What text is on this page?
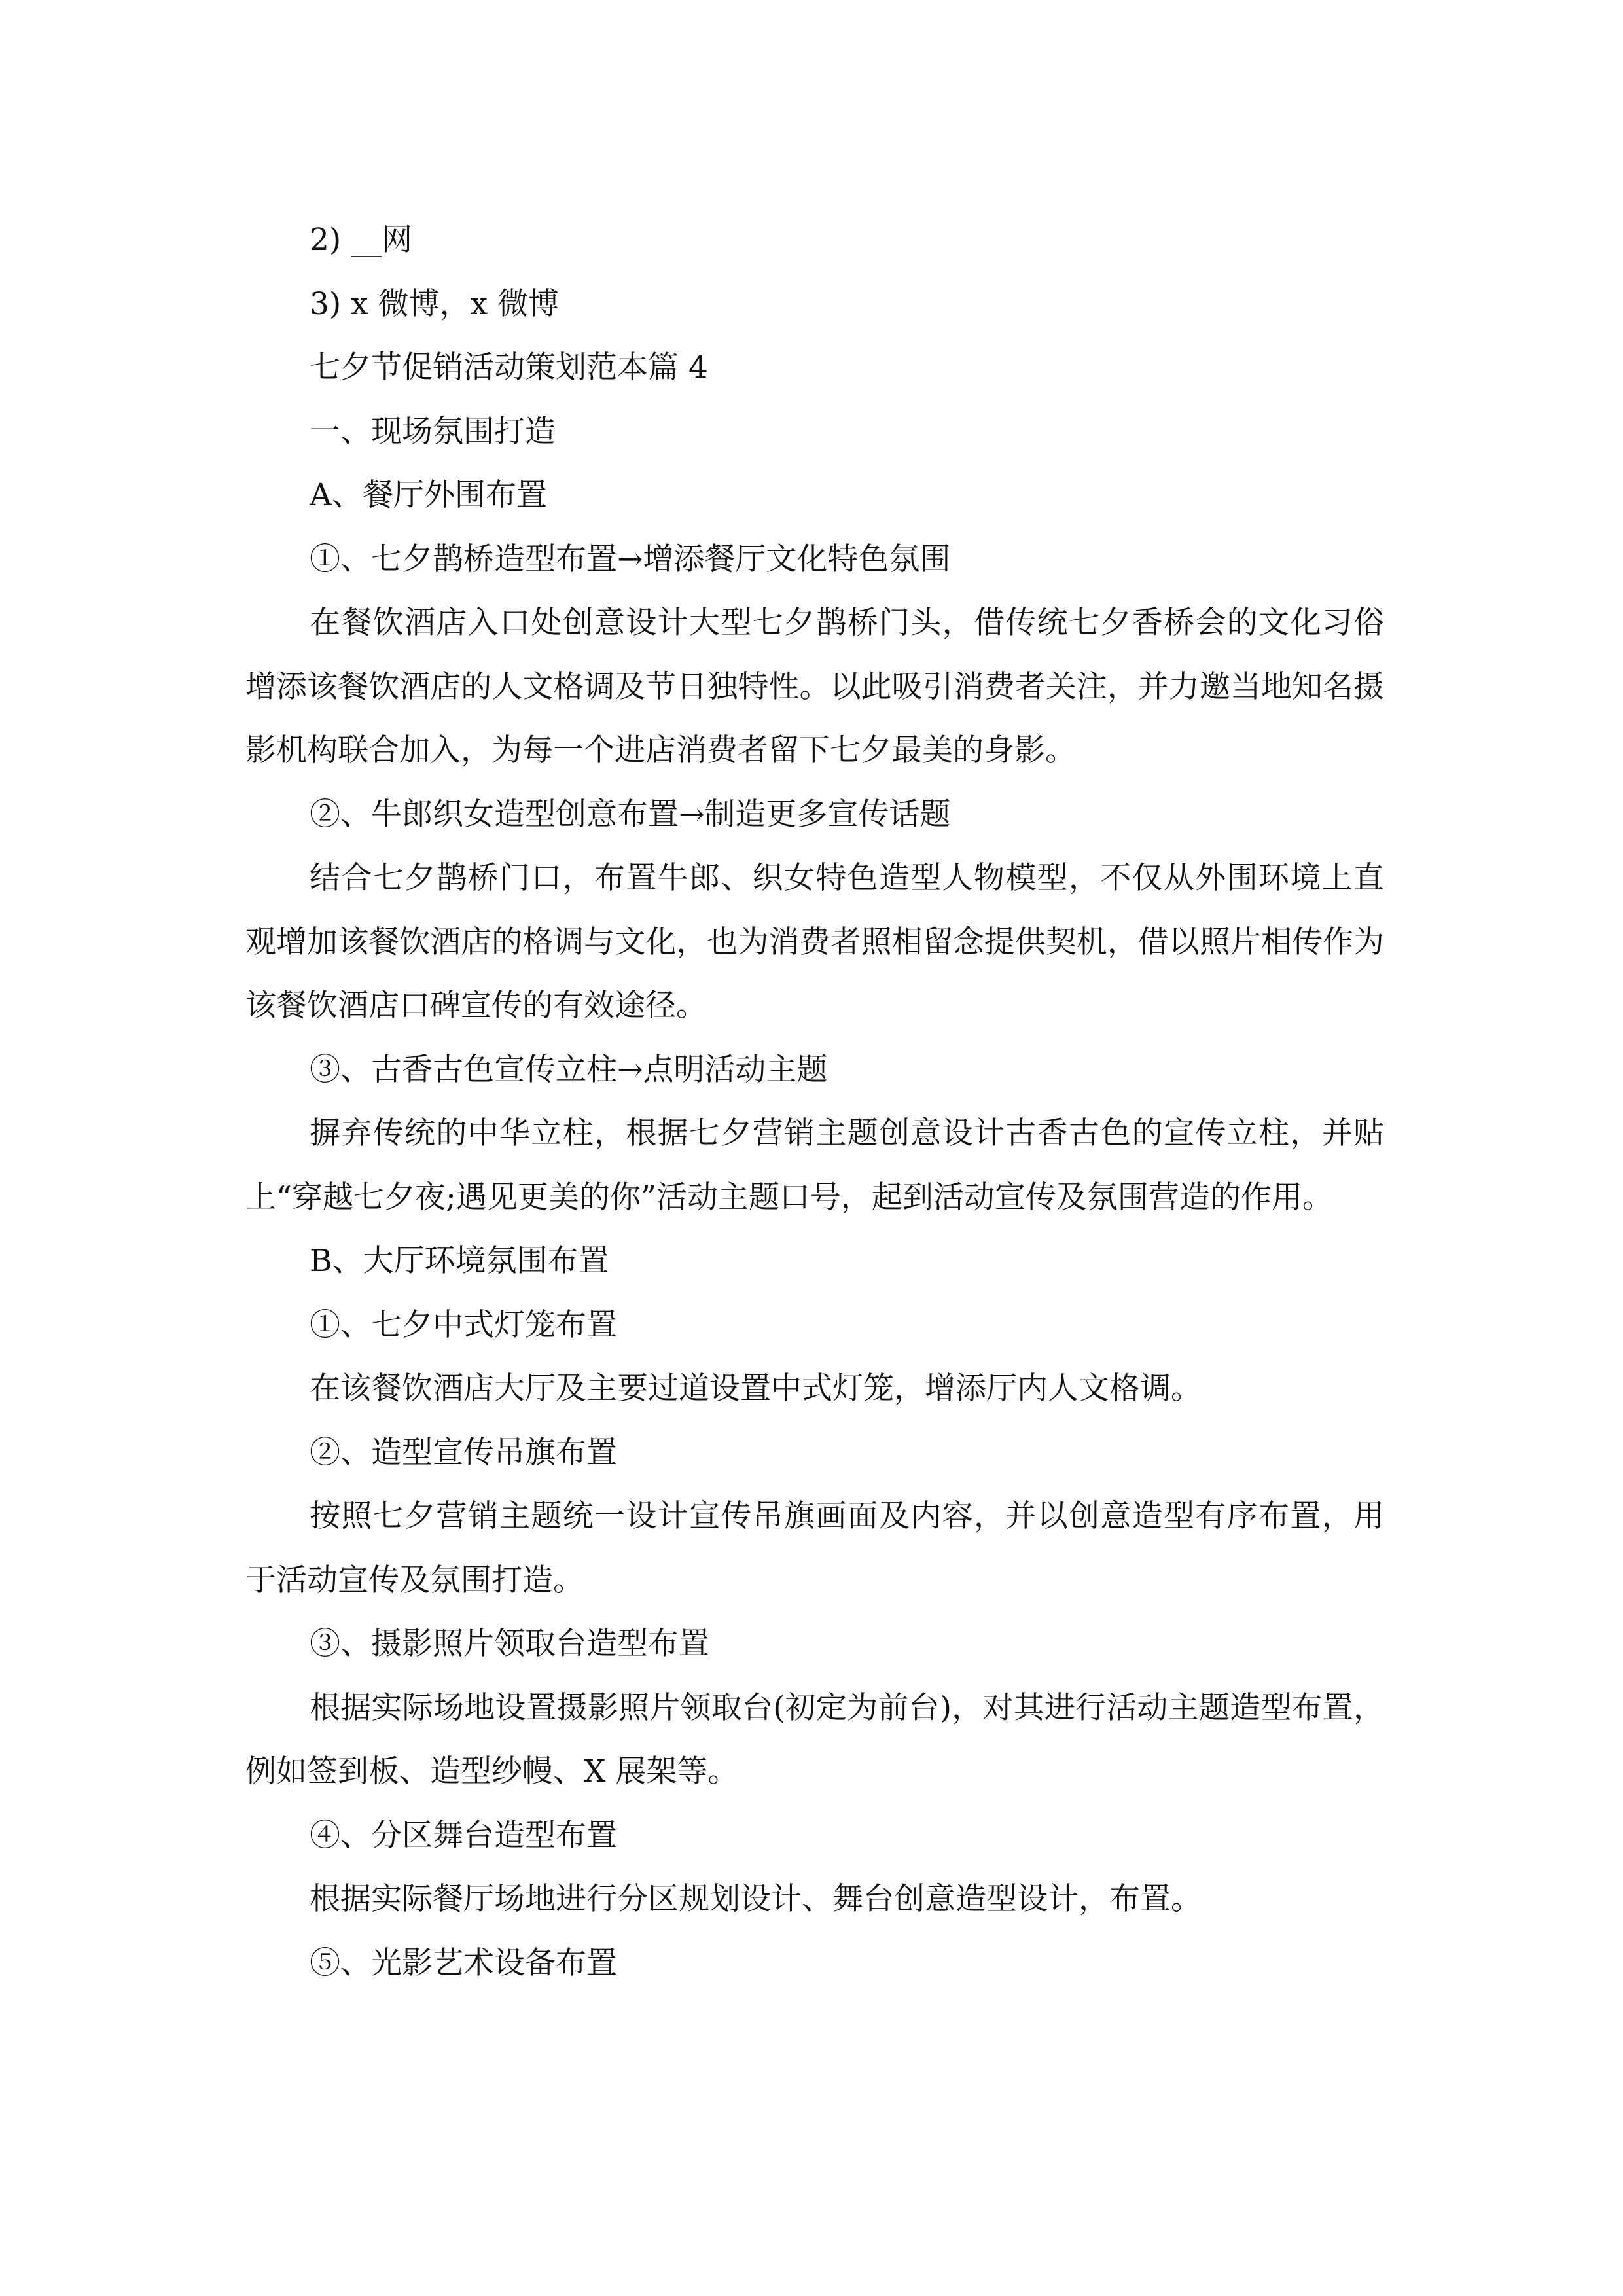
2) __网
3) x 微博，x 微博
七夕节促销活动策划范本篇 4
一、现场氛围打造
A、餐厅外围布置
①、七夕鹊桥造型布置→增添餐厅文化特色氛围

在餐饮酒店入口处创意设计大型七夕鹊桥门头，借传统七夕香桥会的文化习俗增添该餐饮酒店的人文格调及节日独特性。以此吸引消费者关注，并力邀当地知名摄影机构联合加入，为每一个进店消费者留下七夕最美的身影。

②、牛郎织女造型创意布置→制造更多宣传话题

结合七夕鹊桥门口，布置牛郎、织女特色造型人物模型，不仅从外围环境上直观增加该餐饮酒店的格调与文化，也为消费者照相留念提供契机，借以照片相传作为该餐饮酒店口碑宣传的有效途径。

③、古香古色宣传立柱→点明活动主题

摒弃传统的中华立柱，根据七夕营销主题创意设计古香古色的宣传立柱，并贴上“穿越七夕夜;遇见更美的你”活动主题口号，起到活动宣传及氛围营造的作用。

B、大厅环境氛围布置
①、七夕中式灯笼布置

在该餐饮酒店大厅及主要过道设置中式灯笼，增添厅内人文格调。

②、造型宣传吊旗布置

按照七夕营销主题统一设计宣传吊旗画面及内容，并以创意造型有序布置，用于活动宣传及氛围打造。

③、摄影照片领取台造型布置

根据实际场地设置摄影照片领取台(初定为前台)，对其进行活动主题造型布置，例如签到板、造型纱幔、X 展架等。

④、分区舞台造型布置

根据实际餐厅场地进行分区规划设计、舞台创意造型设计，布置。

⑤、光影艺术设备布置
